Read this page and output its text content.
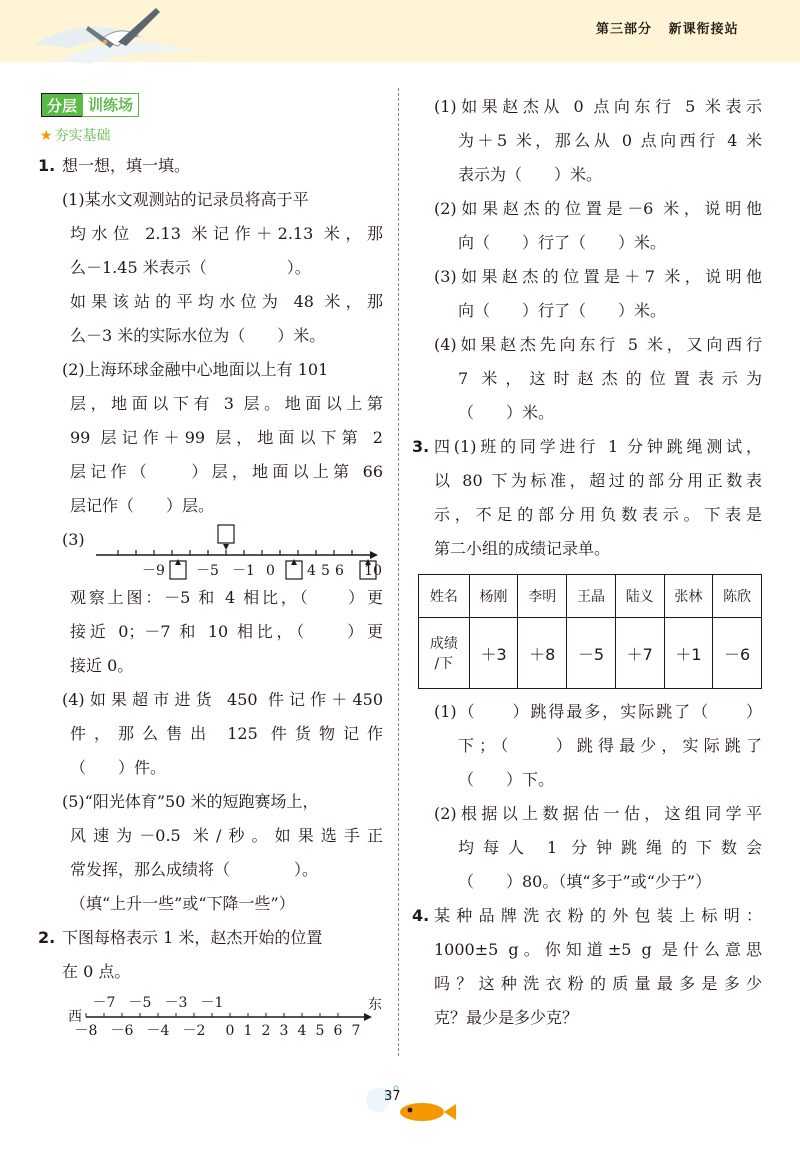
第三部分   新课衔接站
分层 训练场
★ 夯实基础
1. 想一想，填一填。
(1)某水文观测站的记录员将高于平
均水位 2.13 米记作＋2.13 米，那
么－1.45 米表示（　　　　　）。
如果该站的平均水位为 48 米，那
么－3 米的实际水位为（　　）米。
(2)上海环球金融中心地面以上有 101
层，地面以下有 3 层。地面以上第
99 层记作＋99 层，地面以下第 2
层记作（　　）层，地面以上第 66
层记作（　　）层。
(3)
－9 －5 －1 0 4 5 6 10
观察上图：－5 和 4 相比，（　　）更
接近 0；－7 和 10 相比，（　　）更
接近 0。
(4)如果超市进货 450 件记作＋450
件，那么售出 125 件货物记作
（　　）件。
(5)“阳光体育”50 米的短跑赛场上，
风速为－0.5 米/秒。如果选手正
常发挥，那么成绩将（　　　　）。
（填“上升一些”或“下降一些”）
2. 下图每格表示 1 米，赵杰开始的位置
在 0 点。
西
东
－7 －5 －3 －1
－8 －6 －4 －2 0 1 2 3 4 5 6 7
(1)如果赵杰从 0 点向东行 5 米表示
为＋5 米，那么从 0 点向西行 4 米
表示为（　　）米。
(2)如果赵杰的位置是－6 米，说明他
向（　　）行了（　　）米。
(3)如果赵杰的位置是＋7 米，说明他
向（　　）行了（　　）米。
(4)如果赵杰先向东行 5 米，又向西行
7 米，这时赵杰的位置表示为
（　　）米。
3. 四(1)班的同学进行 1 分钟跳绳测试，
以 80 下为标准，超过的部分用正数表
示，不足的部分用负数表示。下表是
第二小组的成绩记录单。
姓名	杨刚	李明	王晶	陆义	张林	陈欣

成绩
/下	＋3	＋8	－5	＋7	＋1	－6
(1)（　　）跳得最多，实际跳了（　　）
下；（　　）跳得最少，实际跳了
（　　）下。
(2)根据以上数据估一估，这组同学平
均每人 1 分钟跳绳的下数会
（　　）80。（填“多于”或“少于”）
4. 某种品牌洗衣粉的外包装上标明：
1000±5 g。你知道±5 g 是什么意思
吗？这种洗衣粉的质量最多是多少
克？最少是多少克？
37
